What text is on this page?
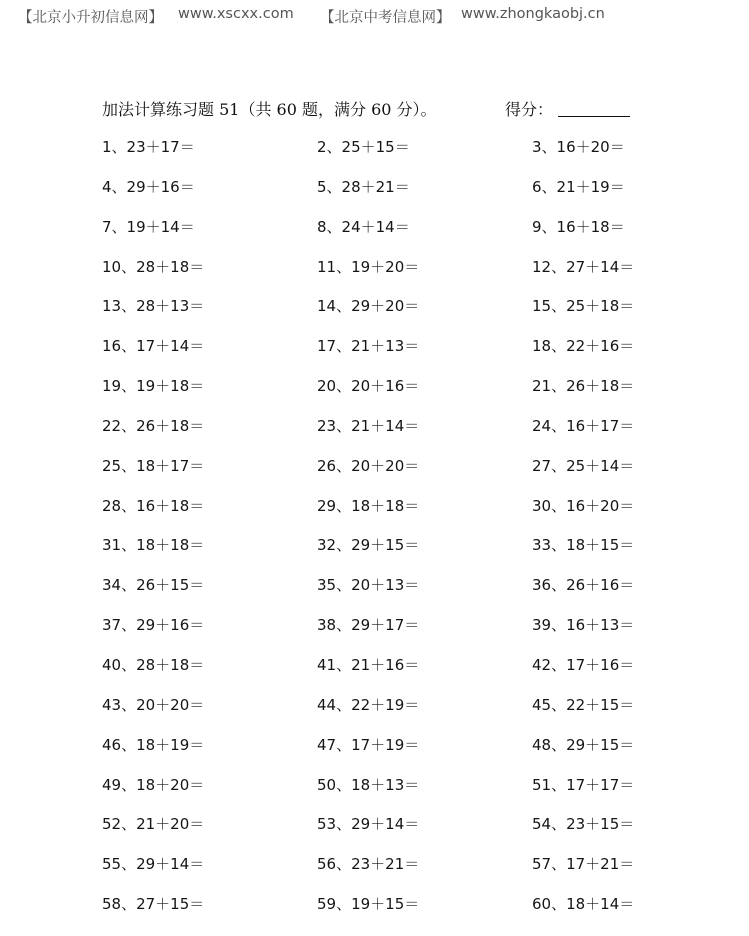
【北京小升初信息网】 www.xscxx.com 【北京中考信息网】 www.zhongkaobj.cn
加法计算练习题 51（共 60 题，满分 60 分）。	得分：
1、23＋17＝	2、25＋15＝	3、16＋20＝
4、29＋16＝	5、28＋21＝	6、21＋19＝
7、19＋14＝	8、24＋14＝	9、16＋18＝
10、28＋18＝	11、19＋20＝	12、27＋14＝
13、28＋13＝	14、29＋20＝	15、25＋18＝
16、17＋14＝	17、21＋13＝	18、22＋16＝
19、19＋18＝	20、20＋16＝	21、26＋18＝
22、26＋18＝	23、21＋14＝	24、16＋17＝
25、18＋17＝	26、20＋20＝	27、25＋14＝
28、16＋18＝	29、18＋18＝	30、16＋20＝
31、18＋18＝	32、29＋15＝	33、18＋15＝
34、26＋15＝	35、20＋13＝	36、26＋16＝
37、29＋16＝	38、29＋17＝	39、16＋13＝
40、28＋18＝	41、21＋16＝	42、17＋16＝
43、20＋20＝	44、22＋19＝	45、22＋15＝
46、18＋19＝	47、17＋19＝	48、29＋15＝
49、18＋20＝	50、18＋13＝	51、17＋17＝
52、21＋20＝	53、29＋14＝	54、23＋15＝
55、29＋14＝	56、23＋21＝	57、17＋21＝
58、27＋15＝	59、19＋15＝	60、18＋14＝
